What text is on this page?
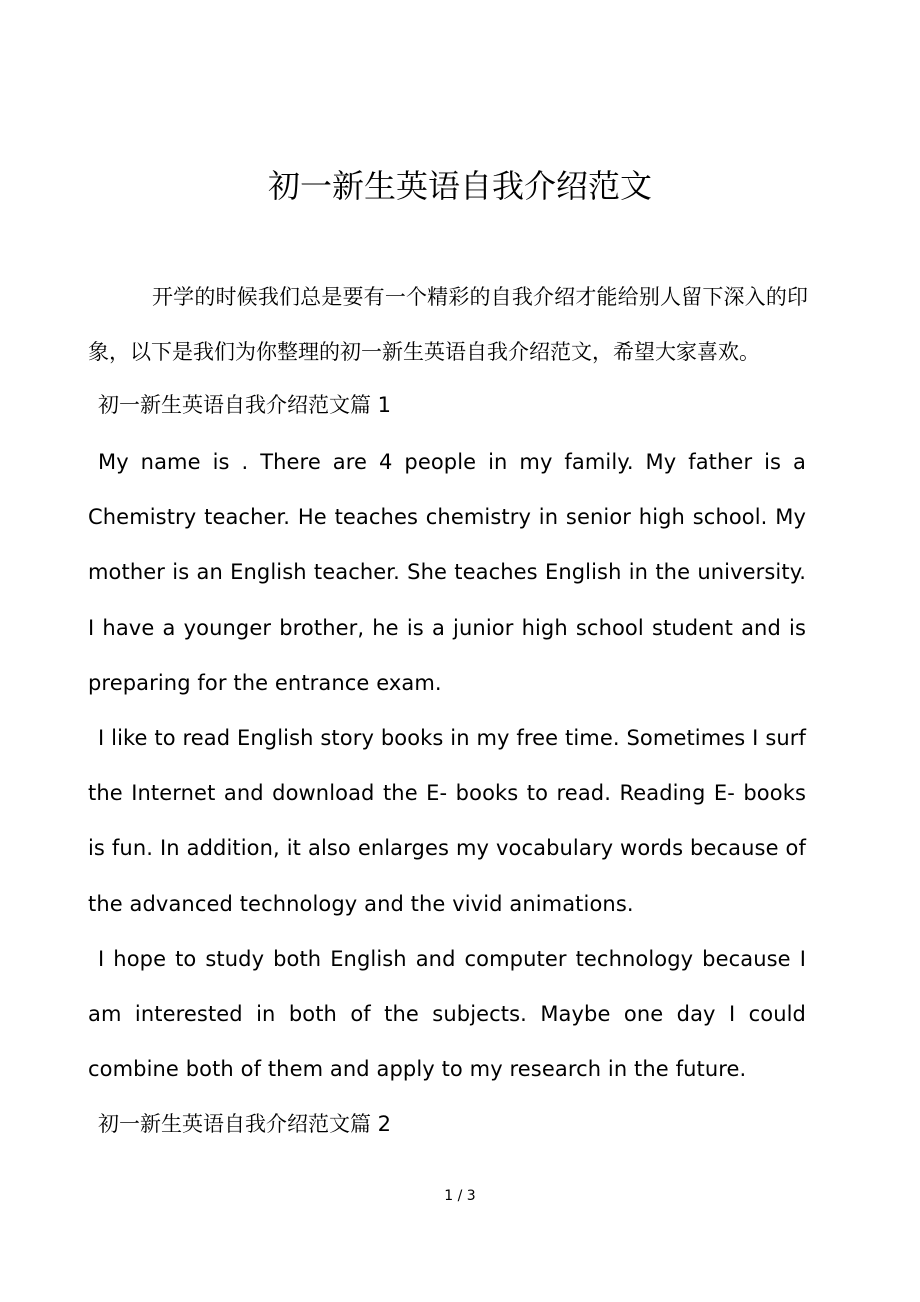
初一新生英语自我介绍范文

开学的时候我们总是要有一个精彩的自我介绍才能给别人留下深入的印象，以下是我们为你整理的初一新生英语自我介绍范文，希望大家喜欢。

初一新生英语自我介绍范文篇 1

My name is . There are 4 people in my family. My father is a Chemistry teacher. He teaches chemistry in senior high school. My mother is an English teacher. She teaches English in the university. I have a younger brother, he is a junior high school student and is preparing for the entrance exam.

I like to read English story books in my free time. Sometimes I surf the Internet and download the E- books to read. Reading E- books is fun. In addition, it also enlarges my vocabulary words because of the advanced technology and the vivid animations.

I hope to study both English and computer technology because I am interested in both of the subjects. Maybe one day I could combine both of them and apply to my research in the future.

初一新生英语自我介绍范文篇 2

1 / 3
